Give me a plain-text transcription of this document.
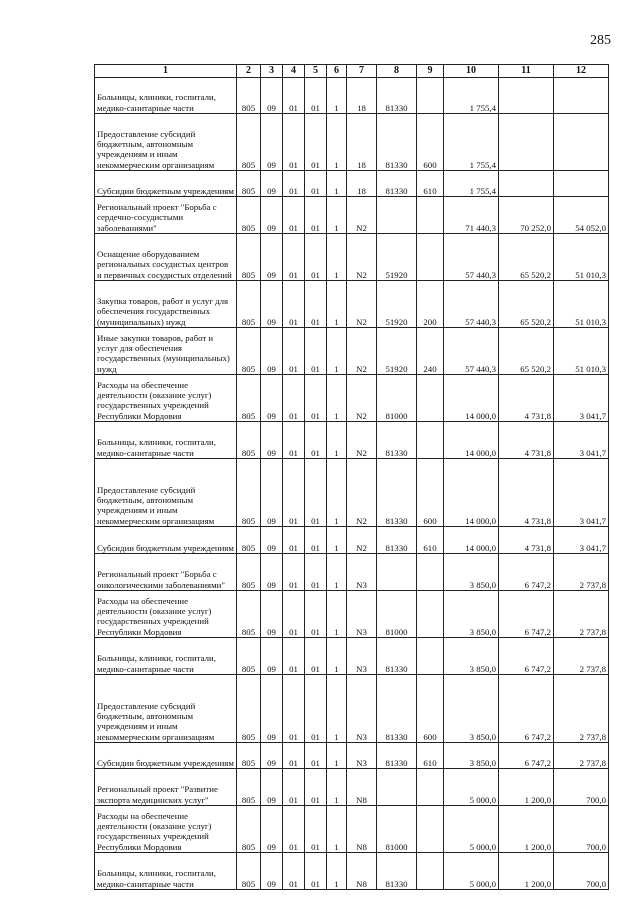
285
1	2	3	4	5	6	7	8	9	10	11	12
Больницы, клиники, госпитали, медико-санитарные части	805	09	01	01	1	18	81330		1 755,4		
Предоставление субсидий бюджетным, автономным учреждениям и иным некоммерческим организациям	805	09	01	01	1	18	81330	600	1 755,4		
Субсидии бюджетным учреждениям	805	09	01	01	1	18	81330	610	1 755,4		
Региональный проект "Борьба с сердечно-сосудистыми заболеваниями"	805	09	01	01	1	N2			71 440,3	70 252,0	54 052,0
Оснащение оборудованием региональных сосудистых центров и первичных сосудистых отделений	805	09	01	01	1	N2	51920		57 440,3	65 520,2	51 010,3
Закупка товаров, работ и услуг для обеспечения государственных (муниципальных) нужд	805	09	01	01	1	N2	51920	200	57 440,3	65 520,2	51 010,3
Иные закупки товаров, работ и услуг для обеспечения государственных (муниципальных) нужд	805	09	01	01	1	N2	51920	240	57 440,3	65 520,2	51 010,3
Расходы на обеспечение деятельности (оказание услуг) государственных учреждений Республики Мордовия	805	09	01	01	1	N2	81000		14 000,0	4 731,8	3 041,7
Больницы, клиники, госпитали, медико-санитарные части	805	09	01	01	1	N2	81330		14 000,0	4 731,8	3 041,7
Предоставление субсидий бюджетным, автономным учреждениям и иным некоммерческим организациям	805	09	01	01	1	N2	81330	600	14 000,0	4 731,8	3 041,7
Субсидии бюджетным учреждениям	805	09	01	01	1	N2	81330	610	14 000,0	4 731,8	3 041,7
Региональный проект "Борьба с онкологическими заболеваниями"	805	09	01	01	1	N3			3 850,0	6 747,2	2 737,8
Расходы на обеспечение деятельности (оказание услуг) государственных учреждений Республики Мордовия	805	09	01	01	1	N3	81000		3 850,0	6 747,2	2 737,8
Больницы, клиники, госпитали, медико-санитарные части	805	09	01	01	1	N3	81330		3 850,0	6 747,2	2 737,8
Предоставление субсидий бюджетным, автономным учреждениям и иным некоммерческим организациям	805	09	01	01	1	N3	81330	600	3 850,0	6 747,2	2 737,8
Субсидии бюджетным учреждениям	805	09	01	01	1	N3	81330	610	3 850,0	6 747,2	2 737,8
Региональный проект "Развитие экспорта медицинских услуг"	805	09	01	01	1	N8			5 000,0	1 200,0	700,0
Расходы на обеспечение деятельности (оказание услуг) государственных учреждений Республики Мордовия	805	09	01	01	1	N8	81000		5 000,0	1 200,0	700,0
Больницы, клиники, госпитали, медико-санитарные части	805	09	01	01	1	N8	81330		5 000,0	1 200,0	700,0
